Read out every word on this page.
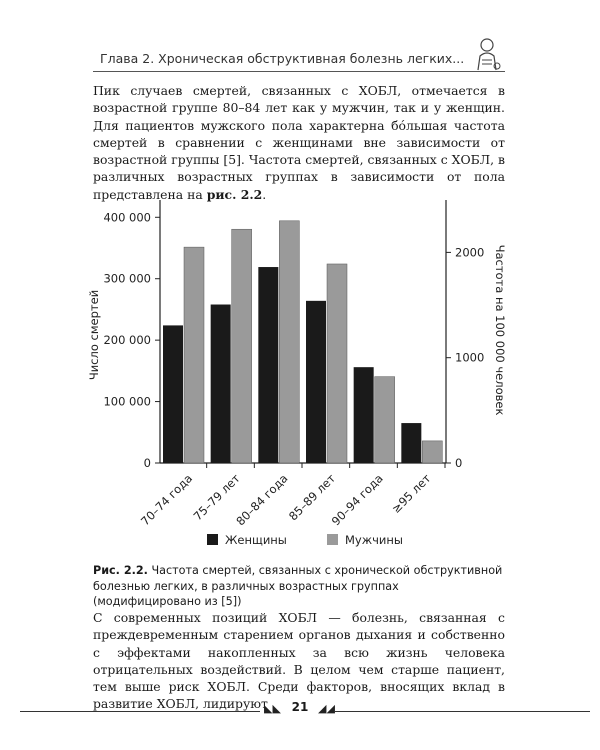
Глава 2. Хроническая обструктивная болезнь легких...

Пик случаев смертей, связанных с ХОБЛ, отмечается в возрастной группе 80–84 лет как у мужчин, так и у женщин. Для пациентов мужского пола характерна бóльшая частота смертей в сравнении с женщинами вне зависимости от возрастной группы [5]. Частота смертей, связанных с ХОБЛ, в различных возрастных группах в зависимости от пола представлена на рис. 2.2.

0
100 000
200 000
300 000
400 000
0
1000
2000
Число смертей	Частота на 100 000 человек
70–74 года
75–79 лет
80–84 года
85–89 лет
90–94 года ≥95 лет
Женщины	Мужчины

Рис. 2.2. Частота смертей, связанных с хронической обструктивной болезнью легких, в различных возрастных группах (модифицировано из [5])

С современных позиций ХОБЛ — болезнь, связанная с преждевременным старением органов дыхания и собственно с эффектами накопленных за всю жизнь человека отрицательных воздействий. В целом чем старше пациент, тем выше риск ХОБЛ. Среди факторов, вносящих вклад в развитие ХОБЛ, лидируют

◣◣	◢◢
21
